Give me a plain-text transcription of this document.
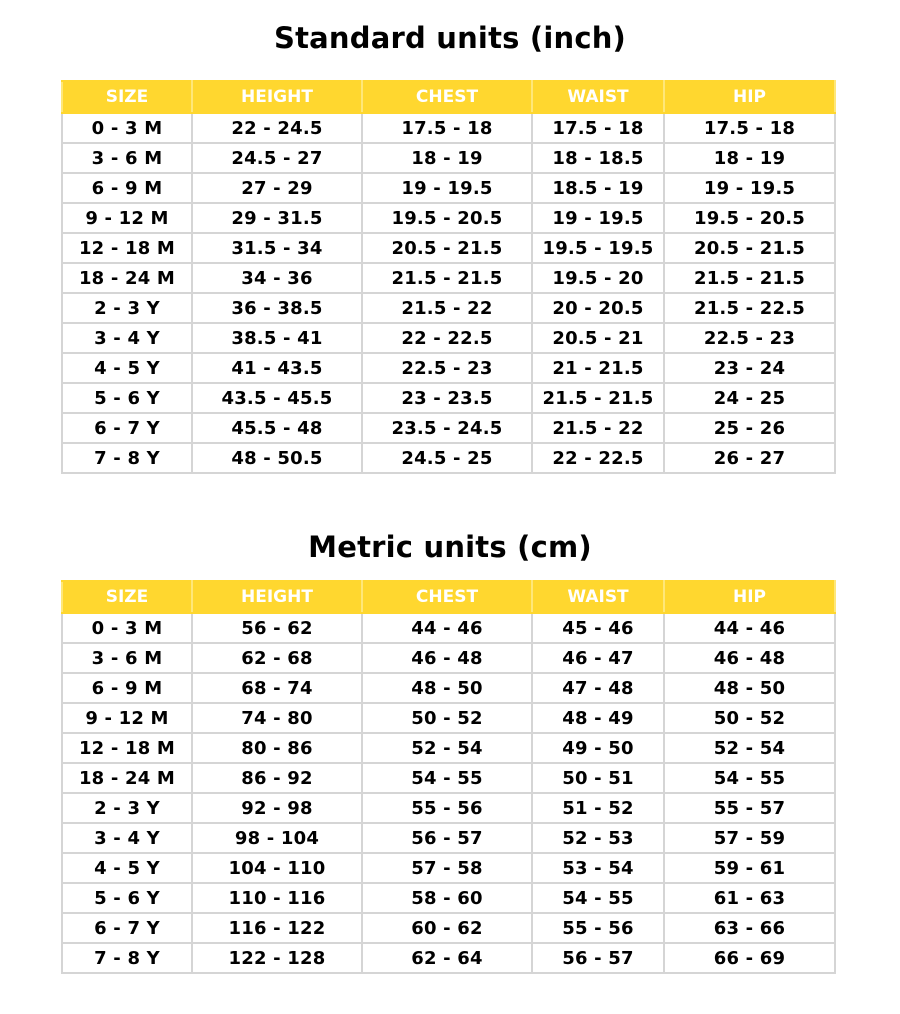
Standard units (inch)
SIZE	HEIGHT	CHEST	WAIST	HIP
0 - 3 M	22 - 24.5	17.5 - 18	17.5 - 18	17.5 - 18
3 - 6 M	24.5 - 27	18 - 19	18 - 18.5	18 - 19
6 - 9 M	27 - 29	19 - 19.5	18.5 - 19	19 - 19.5
9 - 12 M	29 - 31.5	19.5 - 20.5	19 - 19.5	19.5 - 20.5
12 - 18 M	31.5 - 34	20.5 - 21.5	19.5 - 19.5	20.5 - 21.5
18 - 24 M	34 - 36	21.5 - 21.5	19.5 - 20	21.5 - 21.5
2 - 3 Y	36 - 38.5	21.5 - 22	20 - 20.5	21.5 - 22.5
3 - 4 Y	38.5 - 41	22 - 22.5	20.5 - 21	22.5 - 23
4 - 5 Y	41 - 43.5	22.5 - 23	21 - 21.5	23 - 24
5 - 6 Y	43.5 - 45.5	23 - 23.5	21.5 - 21.5	24 - 25
6 - 7 Y	45.5 - 48	23.5 - 24.5	21.5 - 22	25 - 26
7 - 8 Y	48 - 50.5	24.5 - 25	22 - 22.5	26 - 27
Metric units (cm)
SIZE	HEIGHT	CHEST	WAIST	HIP
0 - 3 M	56 - 62	44 - 46	45 - 46	44 - 46
3 - 6 M	62 - 68	46 - 48	46 - 47	46 - 48
6 - 9 M	68 - 74	48 - 50	47 - 48	48 - 50
9 - 12 M	74 - 80	50 - 52	48 - 49	50 - 52
12 - 18 M	80 - 86	52 - 54	49 - 50	52 - 54
18 - 24 M	86 - 92	54 - 55	50 - 51	54 - 55
2 - 3 Y	92 - 98	55 - 56	51 - 52	55 - 57
3 - 4 Y	98 - 104	56 - 57	52 - 53	57 - 59
4 - 5 Y	104 - 110	57 - 58	53 - 54	59 - 61
5 - 6 Y	110 - 116	58 - 60	54 - 55	61 - 63
6 - 7 Y	116 - 122	60 - 62	55 - 56	63 - 66
7 - 8 Y	122 - 128	62 - 64	56 - 57	66 - 69
